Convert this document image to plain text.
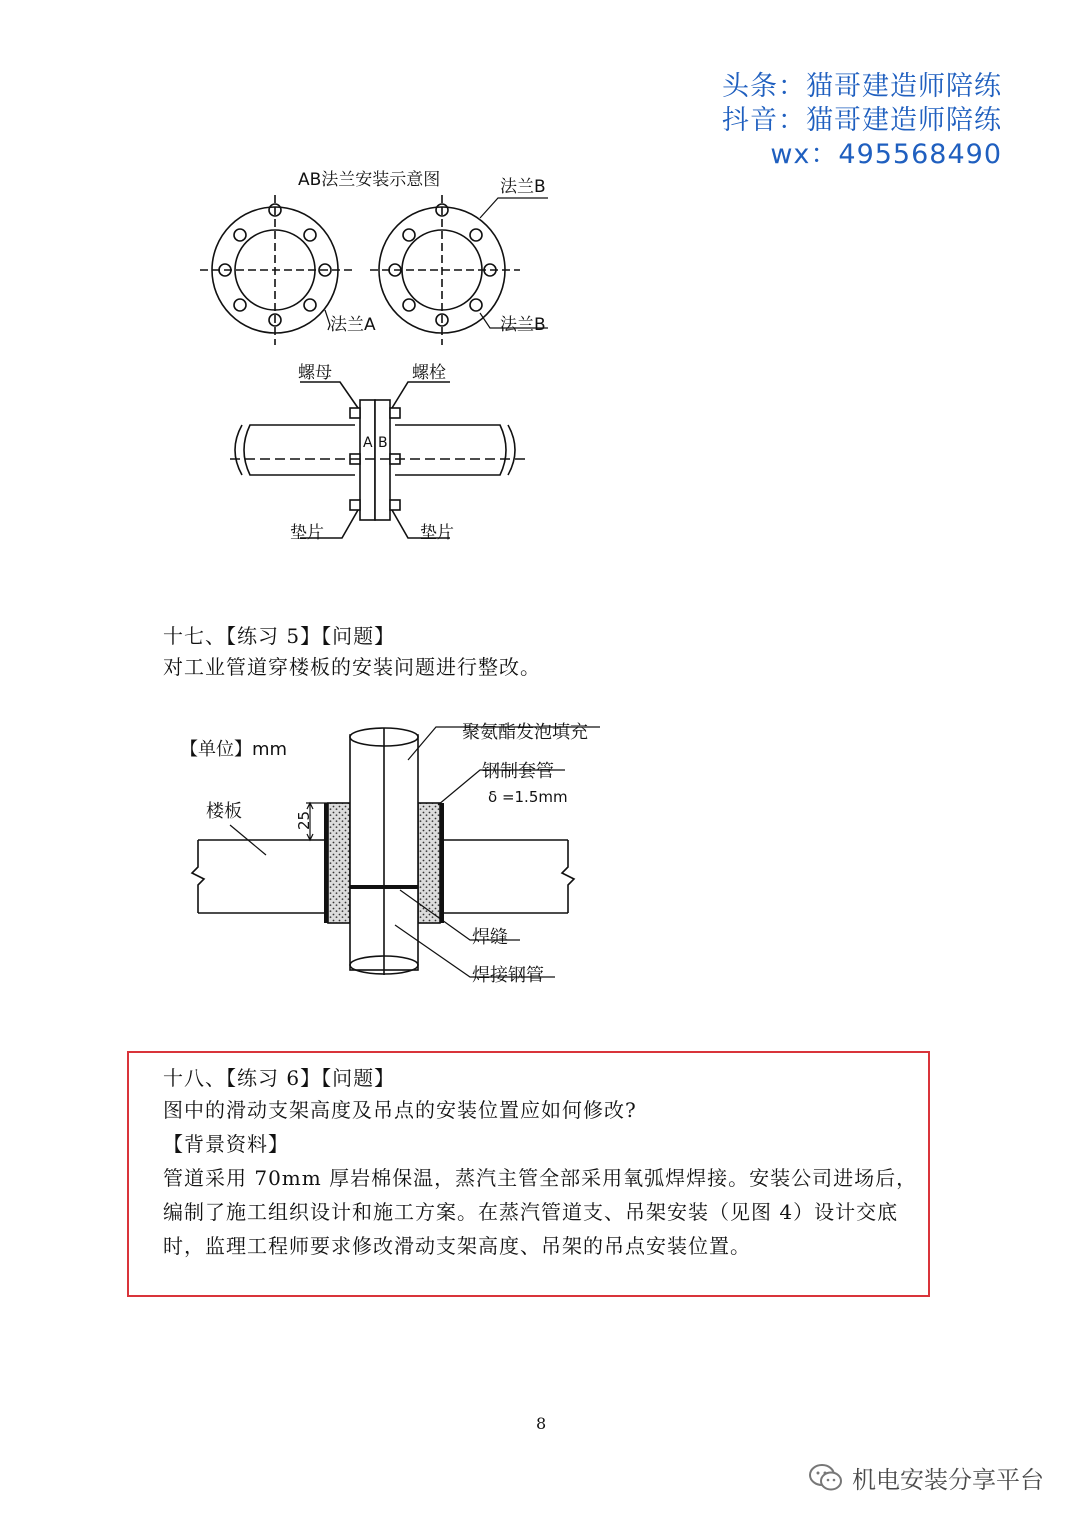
头条：猫哥建造师陪练
抖音：猫哥建造师陪练
wx：495568490
AB法兰安装示意图	法兰B
法兰A	法兰B
A B
螺母	螺栓
垫片	垫片
十七、【练习 5】【问题】
对工业管道穿楼板的安装问题进行整改。
【单位】mm
楼板	25
聚氨酯发泡填充
钢制套管
δ =1.5mm
焊缝
焊接钢管
十八、【练习 6】【问题】
图中的滑动支架高度及吊点的安装位置应如何修改?
【背景资料】
管道采用 70mm 厚岩棉保温，蒸汽主管全部采用氧弧焊焊接。安装公司进场后，
编制了施工组织设计和施工方案。在蒸汽管道支、吊架安装（见图 4）设计交底
时，监理工程师要求修改滑动支架高度、吊架的吊点安装位置。
8
机电安装分享平台
